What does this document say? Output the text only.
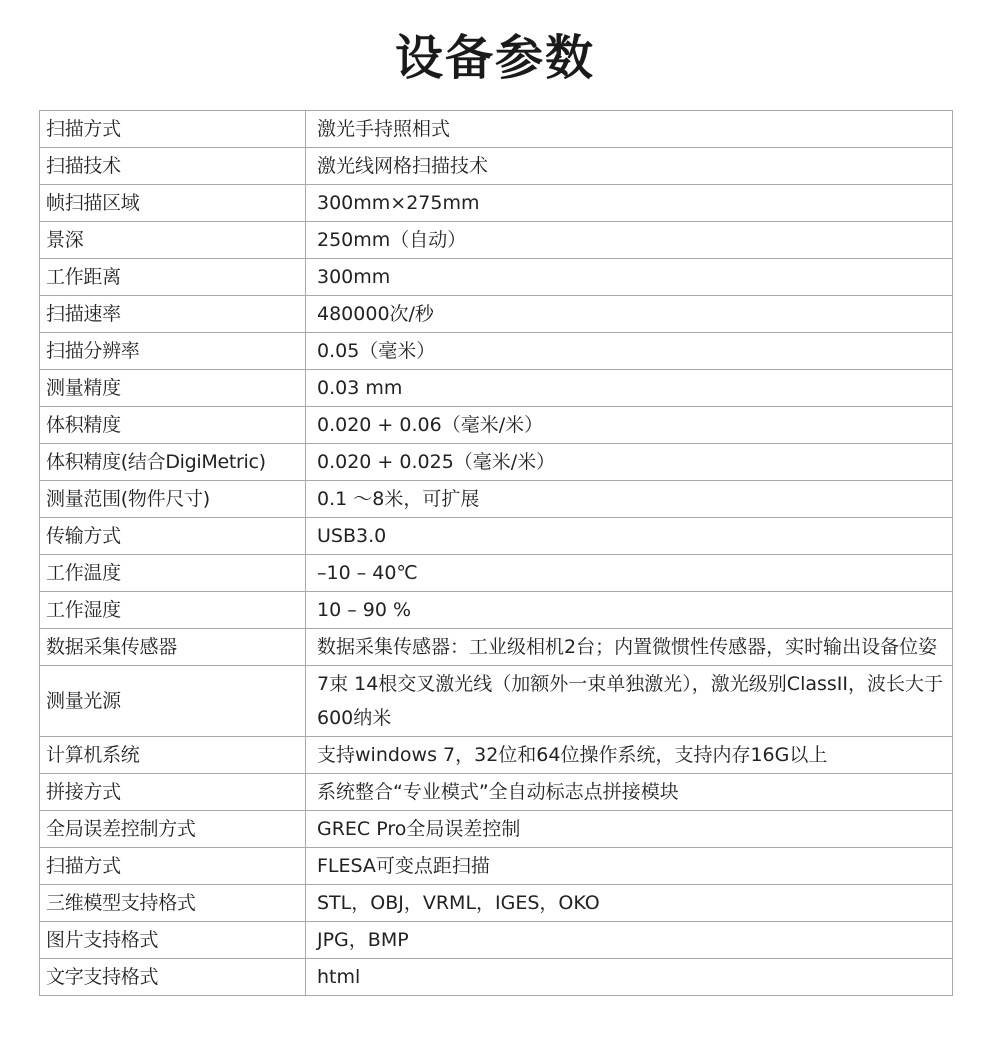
设备参数
扫描方式	激光手持照相式
扫描技术	激光线网格扫描技术
帧扫描区域	300mm×275mm
景深	250mm（自动）
工作距离	300mm
扫描速率	480000次/秒
扫描分辨率	0.05（毫米）
测量精度	0.03 mm
体积精度	0.020 + 0.06（毫米/米）
体积精度(结合DigiMetric)	0.020 + 0.025（毫米/米）
测量范围(物件尺寸)	0.1 ～8米，可扩展
传输方式	USB3.0
工作温度	–10 – 40℃
工作湿度	10 – 90 %
数据采集传感器	数据采集传感器：工业级相机2台；内置微惯性传感器，实时输出设备位姿
测量光源	7束 14根交叉激光线（加额外一束单独激光），激光级别ClassII，波长大于600纳米
计算机系统	支持windows 7，32位和64位操作系统，支持内存16G以上
拼接方式	系统整合“专业模式”全自动标志点拼接模块
全局误差控制方式	GREC Pro全局误差控制
扫描方式	FLESA可变点距扫描
三维模型支持格式	STL，OBJ，VRML，IGES，OKO
图片支持格式	JPG，BMP
文字支持格式	html
